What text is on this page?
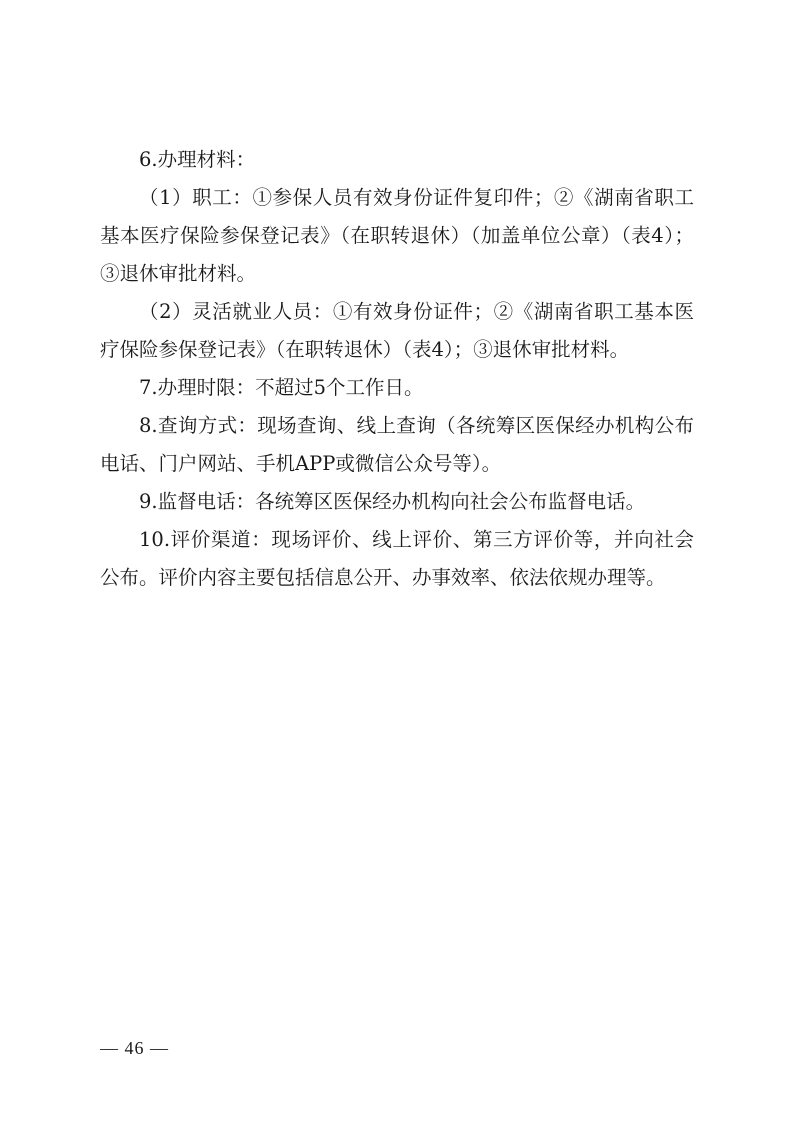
6.办理材料：

（1）职工：①参保人员有效身份证件复印件；②《湖南省职工基本医疗保险参保登记表》（在职转退休）（加盖单位公章）（表4）；③退休审批材料。

（2）灵活就业人员：①有效身份证件；②《湖南省职工基本医疗保险参保登记表》（在职转退休）（表4）；③退休审批材料。

7.办理时限：不超过5个工作日。

8.查询方式：现场查询、线上查询（各统筹区医保经办机构公布电话、门户网站、手机APP或微信公众号等）。

9.监督电话：各统筹区医保经办机构向社会公布监督电话。

10.评价渠道：现场评价、线上评价、第三方评价等，并向社会公布。评价内容主要包括信息公开、办事效率、依法依规办理等。

— 46 —
